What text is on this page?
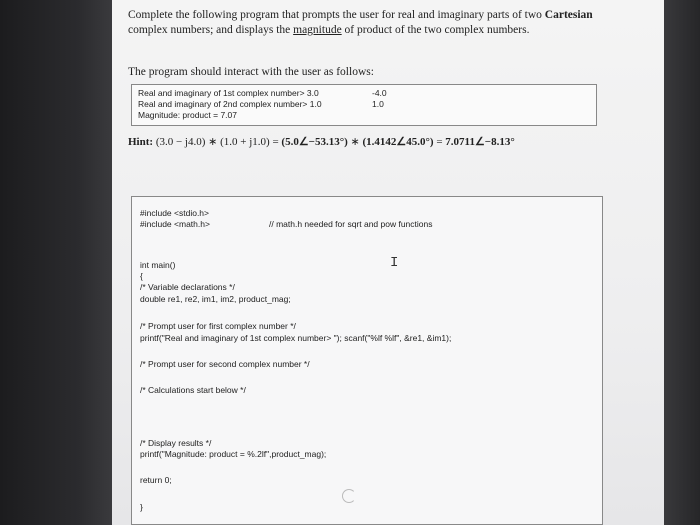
Complete the following program that prompts the user for real and imaginary parts of two Cartesian complex numbers; and displays the magnitude of product of the two complex numbers.
The program should interact with the user as follows:
Real and imaginary of 1st complex number> 3.0	-4.0
Real and imaginary of 2nd complex number> 1.0	1.0
Magnitude: product = 7.07
Hint: (3.0 − j4.0) ∗ (1.0 + j1.0) = (5.0∠−53.13°) ∗ (1.4142∠45.0°) = 7.0711∠−8.13°
#include <stdio.h>
#include <math.h>	// math.h needed for sqrt and pow functions
int main()
{
/* Variable declarations */
double re1, re2, im1, im2, product_mag;
/* Prompt user for first complex number */
printf("Real and imaginary of 1st complex number> "); scanf("%lf %lf", &re1, &im1);
/* Prompt user for second complex number */
/* Calculations start below */
/* Display results */
printf("Magnitude: product = %.2lf",product_mag);
return 0;
}
I
